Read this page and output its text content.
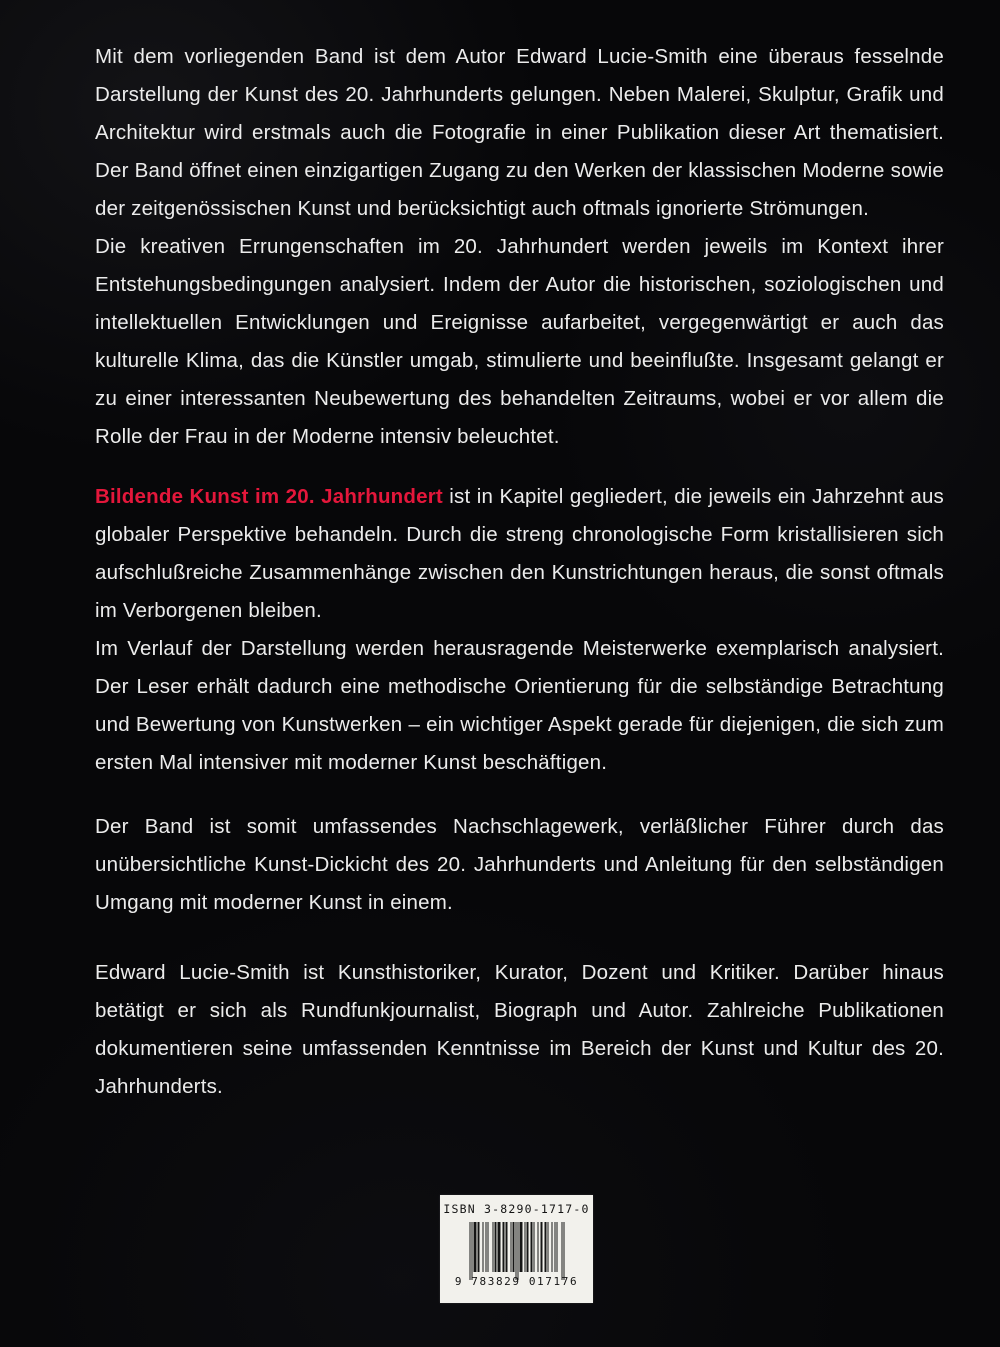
Mit dem vorliegenden Band ist dem Autor Edward Lucie-Smith eine überaus fesselnde Darstellung der Kunst des 20. Jahrhunderts gelungen. Neben Malerei, Skulptur, Grafik und Architektur wird erstmals auch die Fotografie in einer Publikation dieser Art thematisiert. Der Band öffnet einen einzigartigen Zugang zu den Werken der klassischen Moderne sowie der zeitgenössischen Kunst und berücksichtigt auch oftmals ignorierte Strömungen.

Die kreativen Errungenschaften im 20. Jahrhundert werden jeweils im Kontext ihrer Entstehungsbedingungen analysiert. Indem der Autor die historischen, soziologischen und intellektuellen Entwicklungen und Ereignisse aufarbeitet, vergegenwärtigt er auch das kulturelle Klima, das die Künstler umgab, stimulierte und beeinflußte. Insgesamt gelangt er zu einer interessanten Neubewertung des behandelten Zeitraums, wobei er vor allem die Rolle der Frau in der Moderne intensiv beleuchtet.

Bildende Kunst im 20. Jahrhundert ist in Kapitel gegliedert, die jeweils ein Jahrzehnt aus globaler Perspektive behandeln. Durch die streng chronologische Form kristallisieren sich aufschlußreiche Zusammenhänge zwischen den Kunstrichtungen heraus, die sonst oftmals im Verborgenen bleiben.

Im Verlauf der Darstellung werden herausragende Meisterwerke exemplarisch analysiert. Der Leser erhält dadurch eine methodische Orientierung für die selbständige Betrachtung und Bewertung von Kunstwerken – ein wichtiger Aspekt gerade für diejenigen, die sich zum ersten Mal intensiver mit moderner Kunst beschäftigen.

Der Band ist somit umfassendes Nachschlagewerk, verläßlicher Führer durch das unübersichtliche Kunst-Dickicht des 20. Jahrhunderts und Anleitung für den selbständigen Umgang mit moderner Kunst in einem.

Edward Lucie-Smith ist Kunsthistoriker, Kurator, Dozent und Kritiker. Darüber hinaus betätigt er sich als Rundfunkjournalist, Biograph und Autor. Zahlreiche Publikationen dokumentieren seine umfassenden Kenntnisse im Bereich der Kunst und Kultur des 20. Jahrhunderts.

ISBN 3-8290-1717-0
9 783829 017176
